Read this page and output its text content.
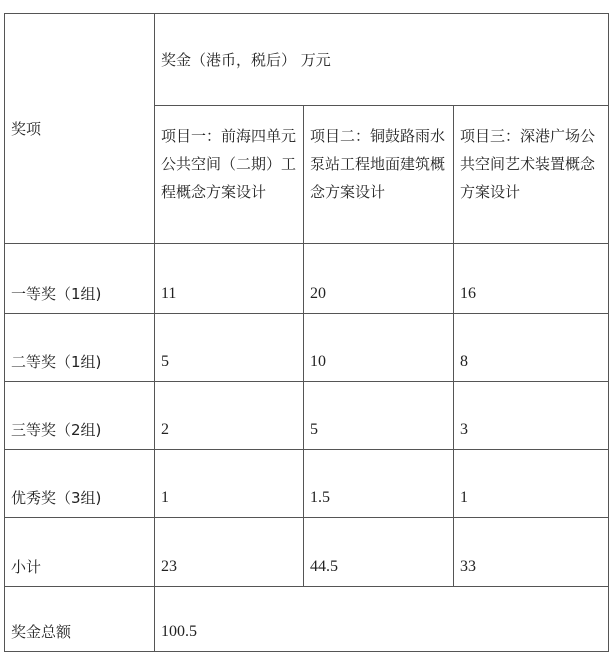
奖项	奖金（港币，税后） 万元		

	项目一：前海四单元公共空间（二期）工程概念方案设计	项目二：铜鼓路雨水泵站工程地面建筑概念方案设计	项目三：深港广场公共空间艺术装置概念方案设计

一等奖（1组)	11	20	16

二等奖（1组)	5	10	8

三等奖（2组)	2	5	3

优秀奖（3组)	1	1.5	1

小计	23	44.5	33

奖金总额	100.5		
